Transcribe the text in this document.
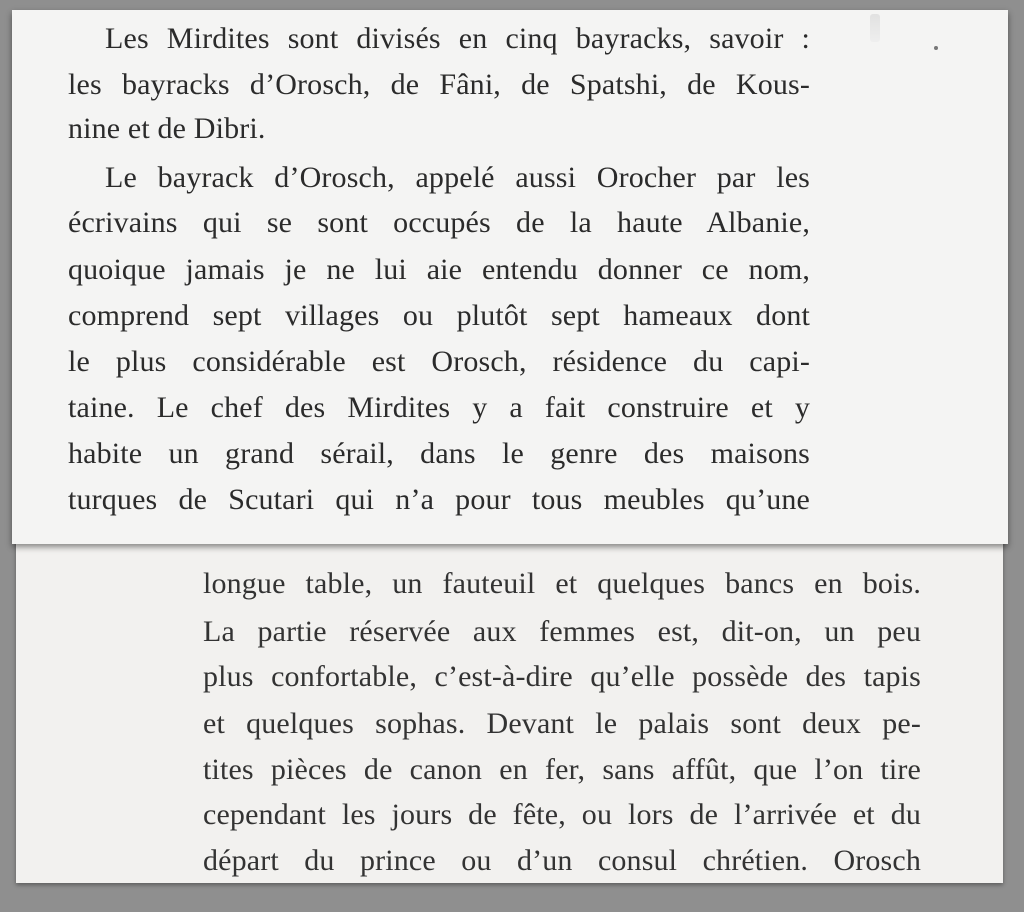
longue table, un fauteuil et quelques bancs en bois.

La partie réservée aux femmes est, dit-on, un peu

plus confortable, c’est-à-dire qu’elle possède des tapis

et quelques sophas. Devant le palais sont deux pe-

tites pièces de canon en fer, sans affût, que l’on tire

cependant les jours de fête, ou lors de l’arrivée et du

départ du prince ou d’un consul chrétien. Orosch

Les Mirdites sont divisés en cinq bayracks, savoir :

les bayracks d’Orosch, de Fâni, de Spatshi, de Kous-

nine et de Dibri.

Le bayrack d’Orosch, appelé aussi Orocher par les

écrivains qui se sont occupés de la haute Albanie,

quoique jamais je ne lui aie entendu donner ce nom,

comprend sept villages ou plutôt sept hameaux dont

le plus considérable est Orosch, résidence du capi-

taine. Le chef des Mirdites y a fait construire et y

habite un grand sérail, dans le genre des maisons

turques de Scutari qui n’a pour tous meubles qu’une
